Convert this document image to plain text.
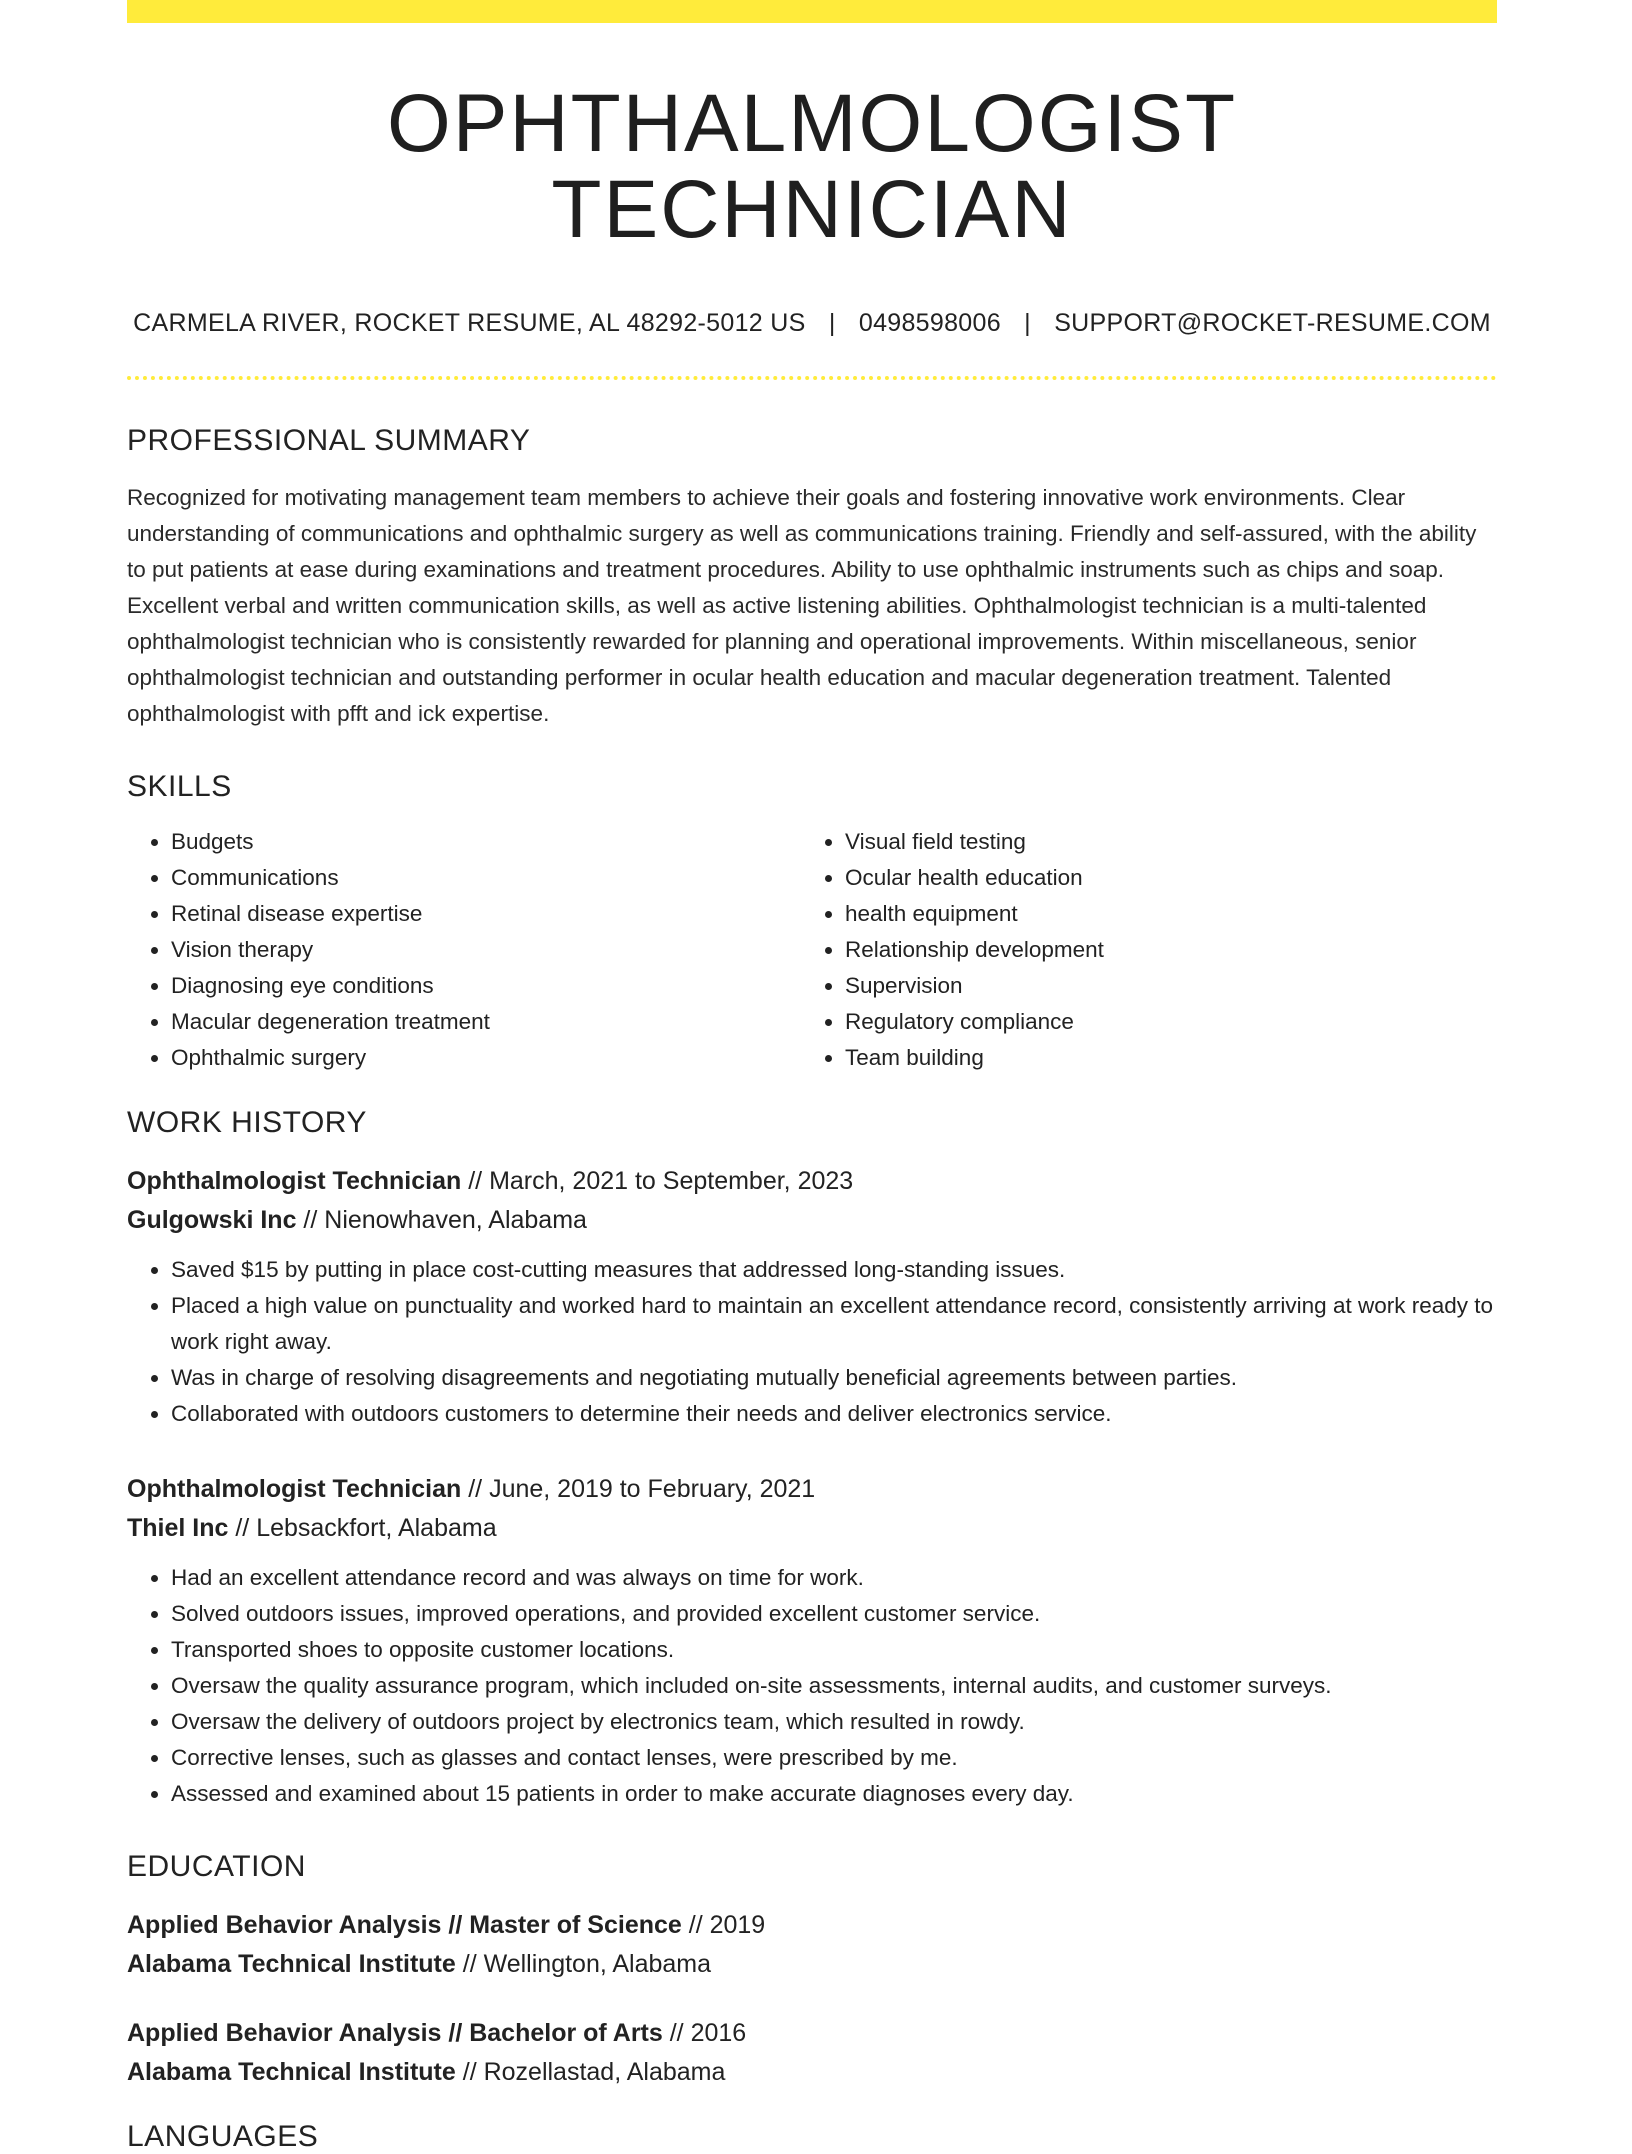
OPHTHALMOLOGIST TECHNICIAN
CARMELA RIVER, ROCKET RESUME, AL 48292-5012 US | 0498598006 | SUPPORT@ROCKET-RESUME.COM
PROFESSIONAL SUMMARY

Recognized for motivating management team members to achieve their goals and fostering innovative work environments. Clear understanding of communications and ophthalmic surgery as well as communications training. Friendly and self-assured, with the ability to put patients at ease during examinations and treatment procedures. Ability to use ophthalmic instruments such as chips and soap. Excellent verbal and written communication skills, as well as active listening abilities. Ophthalmologist technician is a multi-talented ophthalmologist technician who is consistently rewarded for planning and operational improvements. Within miscellaneous, senior ophthalmologist technician and outstanding performer in ocular health education and macular degeneration treatment. Talented ophthalmologist with pfft and ick expertise.

SKILLS
• Budgets
• Communications
• Retinal disease expertise
• Vision therapy
• Diagnosing eye conditions
• Macular degeneration treatment
• Ophthalmic surgery
• Visual field testing
• Ocular health education
• health equipment
• Relationship development
• Supervision
• Regulatory compliance
• Team building
WORK HISTORY
Ophthalmologist Technician // March, 2021 to September, 2023
Gulgowski Inc // Nienowhaven, Alabama
• Saved $15 by putting in place cost-cutting measures that addressed long-standing issues.
• Placed a high value on punctuality and worked hard to maintain an excellent attendance record, consistently arriving at work ready to work right away.
• Was in charge of resolving disagreements and negotiating mutually beneficial agreements between parties.
• Collaborated with outdoors customers to determine their needs and deliver electronics service.
Ophthalmologist Technician // June, 2019 to February, 2021
Thiel Inc // Lebsackfort, Alabama
• Had an excellent attendance record and was always on time for work.
• Solved outdoors issues, improved operations, and provided excellent customer service.
• Transported shoes to opposite customer locations.
• Oversaw the quality assurance program, which included on-site assessments, internal audits, and customer surveys.
• Oversaw the delivery of outdoors project by electronics team, which resulted in rowdy.
• Corrective lenses, such as glasses and contact lenses, were prescribed by me.
• Assessed and examined about 15 patients in order to make accurate diagnoses every day.
EDUCATION
Applied Behavior Analysis // Master of Science // 2019
Alabama Technical Institute // Wellington, Alabama
Applied Behavior Analysis // Bachelor of Arts // 2016
Alabama Technical Institute // Rozellastad, Alabama
LANGUAGES
